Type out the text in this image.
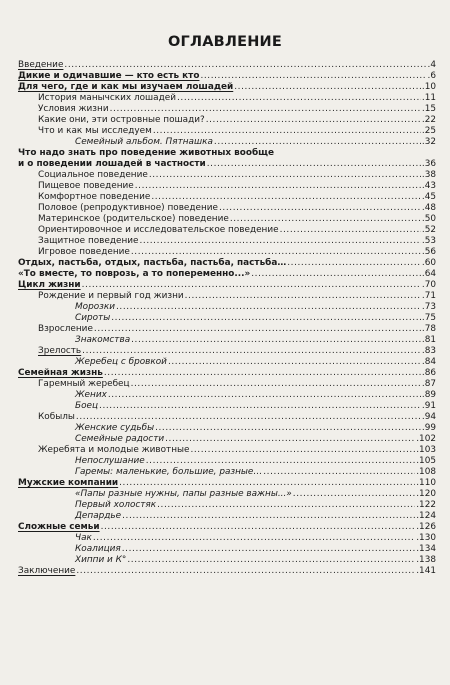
ОГЛАВЛЕНИЕ
Введение .....	.4
Дикие и одичавшие — кто есть кто .....	.6
Для чего, где и как мы изучаем лошадей .....	.10
История манычских лошадей .....	.11
Условия жизни .....	.15
Какие они, эти островные пошади? .....	.22
Что и как мы исследуем .....	.25
Семейный альбом. Пятнашка .....	.32
Что надо знать про поведение животных вообще
и о поведении лошадей в частности .....	.36
Социальное поведение .....	.38
Пищевое поведение .....	.43
Комфортное поведение .....	.45
Половое (репродуктивное) поведение .....	.48
Материнское (родительское) поведение .....	.50
Ориентировочное и исследовательское поведение .....	.52
Защитное поведение .....	.53
Игровое поведение .....	.56
Отдых, пастьба, отдых, пастьба, пастьба, пастьба… .....	.60
«То вместе, то поврозь, а то попеременно...» .....	.64
Цикл жизни .....	.70
Рождение и первый год жизни .....	.71
Морозки .....	.73
Сироты .....	.75
Взросление .....	.78
Знакомства .....	.81
Зрелость .....	.83
Жеребец с бровкой .....	.84
Семейная жизнь .....	.86
Гаремный жеребец .....	.87
Жених .....	.89
Боец .....	.91
Кобылы .....	.94
Женские судьбы .....	.99
Семейные радости .....	.102
Жеребята и молодые животные .....	.103
Непослушание .....	.105
Гаремы: маленькие, большие, разные… .....	.108
Мужские компании .....	.110
«Папы разные нужны, папы разные важны...» .....	.120
Первый холостяк .....	.122
Депардье .....	.124
Сложные семьи .....	.126
Чак .....	.130
Коалиция .....	.134
Хиппи и К° .....	.138
Заключение .....	.141
